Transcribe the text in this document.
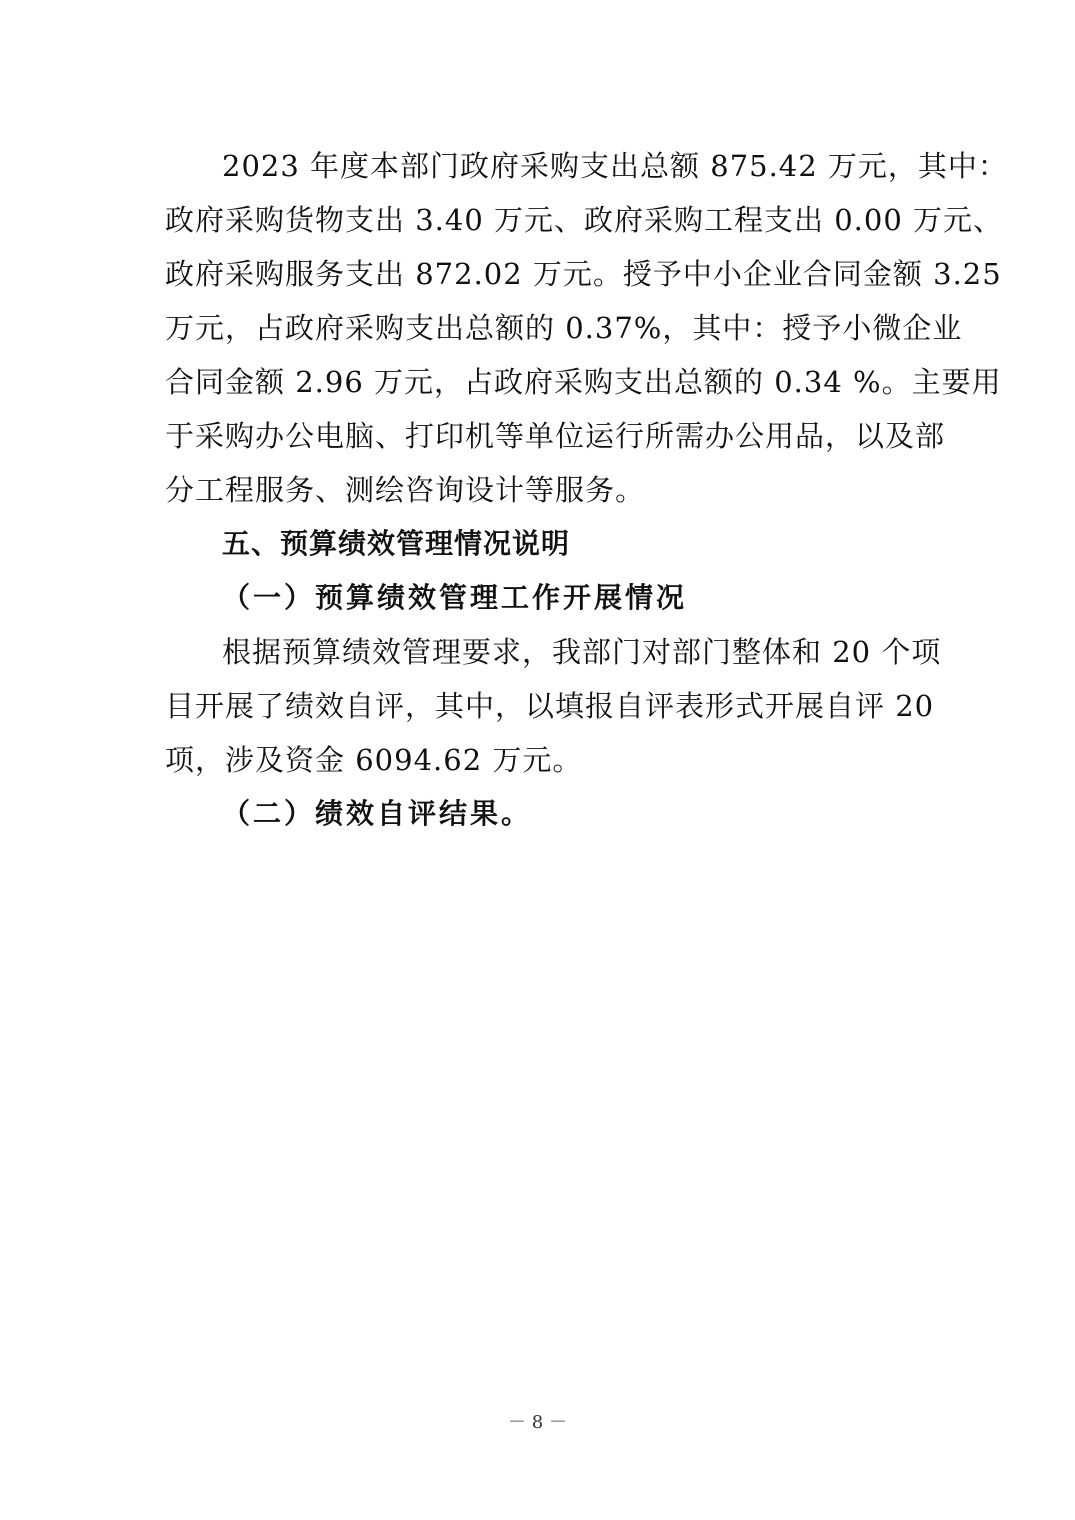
2023 年度本部门政府采购支出总额 875.42 万元，其中：
政府采购货物支出 3.40 万元、政府采购工程支出 0.00 万元、
政府采购服务支出 872.02 万元。授予中小企业合同金额 3.25
万元，占政府采购支出总额的 0.37%，其中：授予小微企业
合同金额 2.96 万元，占政府采购支出总额的 0.34 %。主要用
于采购办公电脑、打印机等单位运行所需办公用品，以及部
分工程服务、测绘咨询设计等服务。
五、预算绩效管理情况说明
（一）预算绩效管理工作开展情况
根据预算绩效管理要求，我部门对部门整体和 20 个项
目开展了绩效自评，其中，以填报自评表形式开展自评 20
项，涉及资金 6094.62 万元。
（二）绩效自评结果。
－ 8 －
